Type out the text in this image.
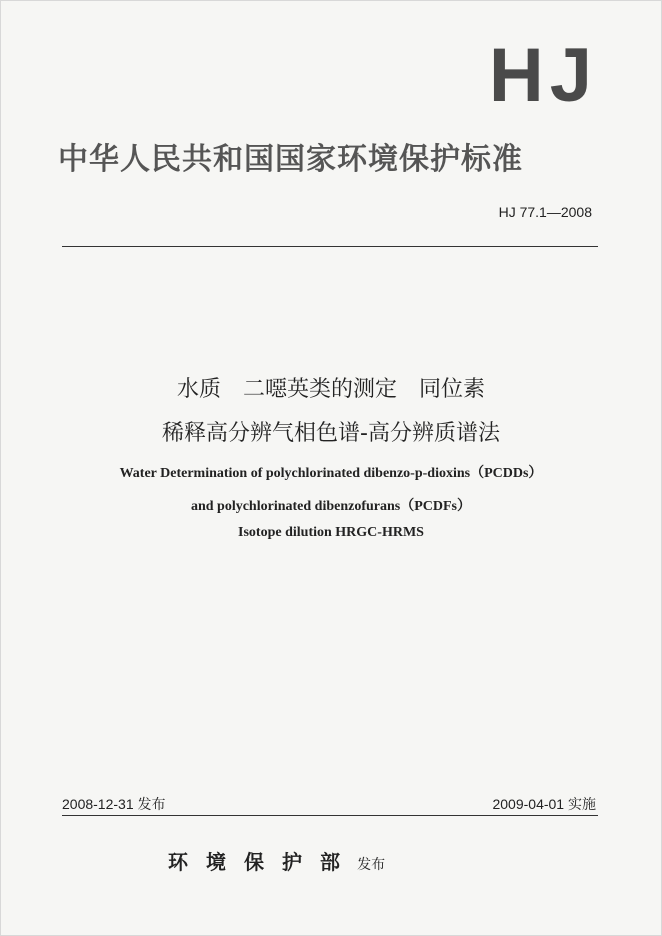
HJ
中华人民共和国国家环境保护标准
HJ 77.1—2008
水质　二噁英类的测定　同位素
稀释高分辨气相色谱-高分辨质谱法
Water Determination of polychlorinated dibenzo-p-dioxins（PCDDs）
and polychlorinated dibenzofurans（PCDFs）
Isotope dilution HRGC-HRMS
2008-12-31 发布	2009-04-01 实施
环境保护部 发布
